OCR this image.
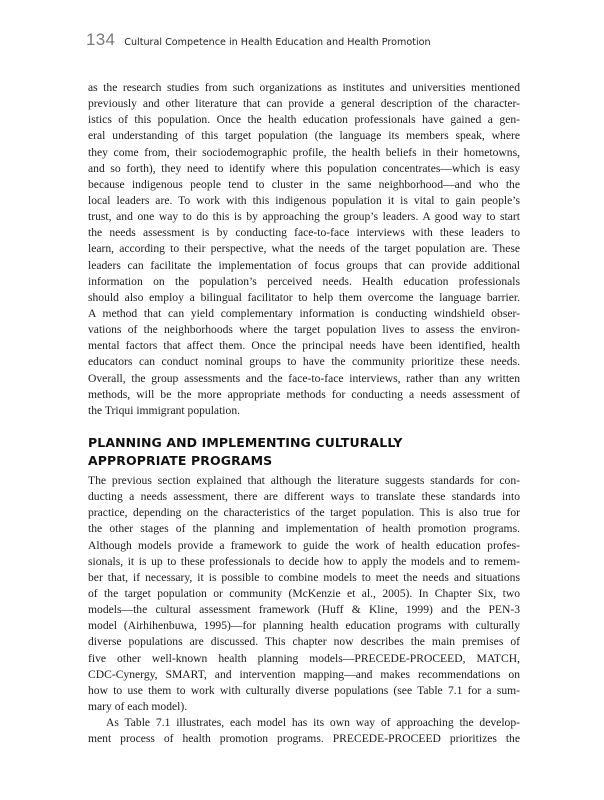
134 Cultural Competence in Health Education and Health Promotion
as the research studies from such organizations as institutes and universities mentioned
previously and other literature that can provide a general description of the character-
istics of this population. Once the health education professionals have gained a gen-
eral understanding of this target population (the language its members speak, where
they come from, their sociodemographic profile, the health beliefs in their hometowns,
and so forth), they need to identify where this population concentrates—which is easy
because indigenous people tend to cluster in the same neighborhood—and who the
local leaders are. To work with this indigenous population it is vital to gain people’s
trust, and one way to do this is by approaching the group’s leaders. A good way to start
the needs assessment is by conducting face-to-face interviews with these leaders to
learn, according to their perspective, what the needs of the target population are. These
leaders can facilitate the implementation of focus groups that can provide additional
information on the population’s perceived needs. Health education professionals
should also employ a bilingual facilitator to help them overcome the language barrier.
A method that can yield complementary information is conducting windshield obser-
vations of the neighborhoods where the target population lives to assess the environ-
mental factors that affect them. Once the principal needs have been identified, health
educators can conduct nominal groups to have the community prioritize these needs.
Overall, the group assessments and the face-to-face interviews, rather than any written
methods, will be the more appropriate methods for conducting a needs assessment of
the Triqui immigrant population.
PLANNING AND IMPLEMENTING CULTURALLY
APPROPRIATE PROGRAMS
The previous section explained that although the literature suggests standards for con-
ducting a needs assessment, there are different ways to translate these standards into
practice, depending on the characteristics of the target population. This is also true for
the other stages of the planning and implementation of health promotion programs.
Although models provide a framework to guide the work of health education profes-
sionals, it is up to these professionals to decide how to apply the models and to remem-
ber that, if necessary, it is possible to combine models to meet the needs and situations
of the target population or community (McKenzie et al., 2005). In Chapter Six, two
models—the cultural assessment framework (Huff & Kline, 1999) and the PEN-3
model (Airhihenbuwa, 1995)—for planning health education programs with culturally
diverse populations are discussed. This chapter now describes the main premises of
five other well-known health planning models—PRECEDE-PROCEED, MATCH,
CDC-Cynergy, SMART, and intervention mapping—and makes recommendations on
how to use them to work with culturally diverse populations (see Table 7.1 for a sum-
mary of each model).
As Table 7.1 illustrates, each model has its own way of approaching the develop-
ment process of health promotion programs. PRECEDE-PROCEED prioritizes the
